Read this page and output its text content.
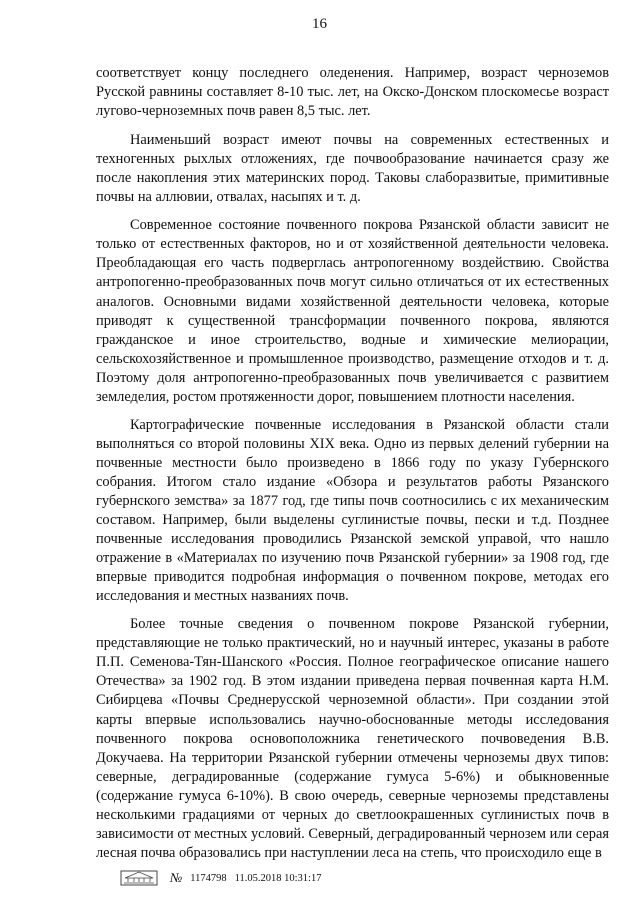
16

соответствует концу последнего оледенения. Например, возраст черноземов Русской равнины составляет 8-10 тыс. лет, на Окско-Донском плоскомесье возраст лугово-черноземных почв равен 8,5 тыс. лет.

Наименьший возраст имеют почвы на современных естественных и техногенных рыхлых отложениях, где почвообразование начинается сразу же после накопления этих материнских пород. Таковы слаборазвитые, примитивные почвы на аллювии, отвалах, насыпях и т. д.

Современное состояние почвенного покрова Рязанской области зависит не только от естественных факторов, но и от хозяйственной деятельности человека. Преобладающая его часть подверглась антропогенному воздействию. Свойства антропогенно-преобразованных почв могут сильно отличаться от их естественных аналогов. Основными видами хозяйственной деятельности человека, которые приводят к существенной трансформации почвенного покрова, являются гражданское и иное строительство, водные и химические мелиорации, сельскохозяйственное и промышленное производство, размещение отходов и т. д. Поэтому доля антропогенно-преобразованных почв увеличивается с развитием земледелия, ростом протяженности дорог, повышением плотности населения.

Картографические почвенные исследования в Рязанской области стали выполняться со второй половины XIX века. Одно из первых делений губернии на почвенные местности было произведено в 1866 году по указу Губернского собрания. Итогом стало издание «Обзора и результатов работы Рязанского губернского земства» за 1877 год, где типы почв соотносились с их механическим составом. Например, были выделены суглинистые почвы, пески и т.д. Позднее почвенные исследования проводились Рязанской земской управой, что нашло отражение в «Материалах по изучению почв Рязанской губернии» за 1908 год, где впервые приводится подробная информация о почвенном покрове, методах его исследования и местных названиях почв.

Более точные сведения о почвенном покрове Рязанской губернии, представляющие не только практический, но и научный интерес, указаны в работе П.П. Семенова-Тян-Шанского «Россия. Полное географическое описание нашего Отечества» за 1902 год. В этом издании приведена первая почвенная карта Н.М. Сибирцева «Почвы Среднерусской черноземной области». При создании этой карты впервые использовались научно-обоснованные методы исследования почвенного покрова основоположника генетического почвоведения В.В. Докучаева. На территории Рязанской губернии отмечены черноземы двух типов: северные, деградированные (содержание гумуса 5-6%) и обыкновенные (содержание гумуса 6-10%). В свою очередь, северные черноземы представлены несколькими градациями от черных до светлоокрашенных суглинистых почв в зависимости от местных условий. Северный, деградированный чернозем или серая лесная почва образовались при наступлении леса на степь, что происходило еще в

№ 1174798 11.05.2018 10:31:17
